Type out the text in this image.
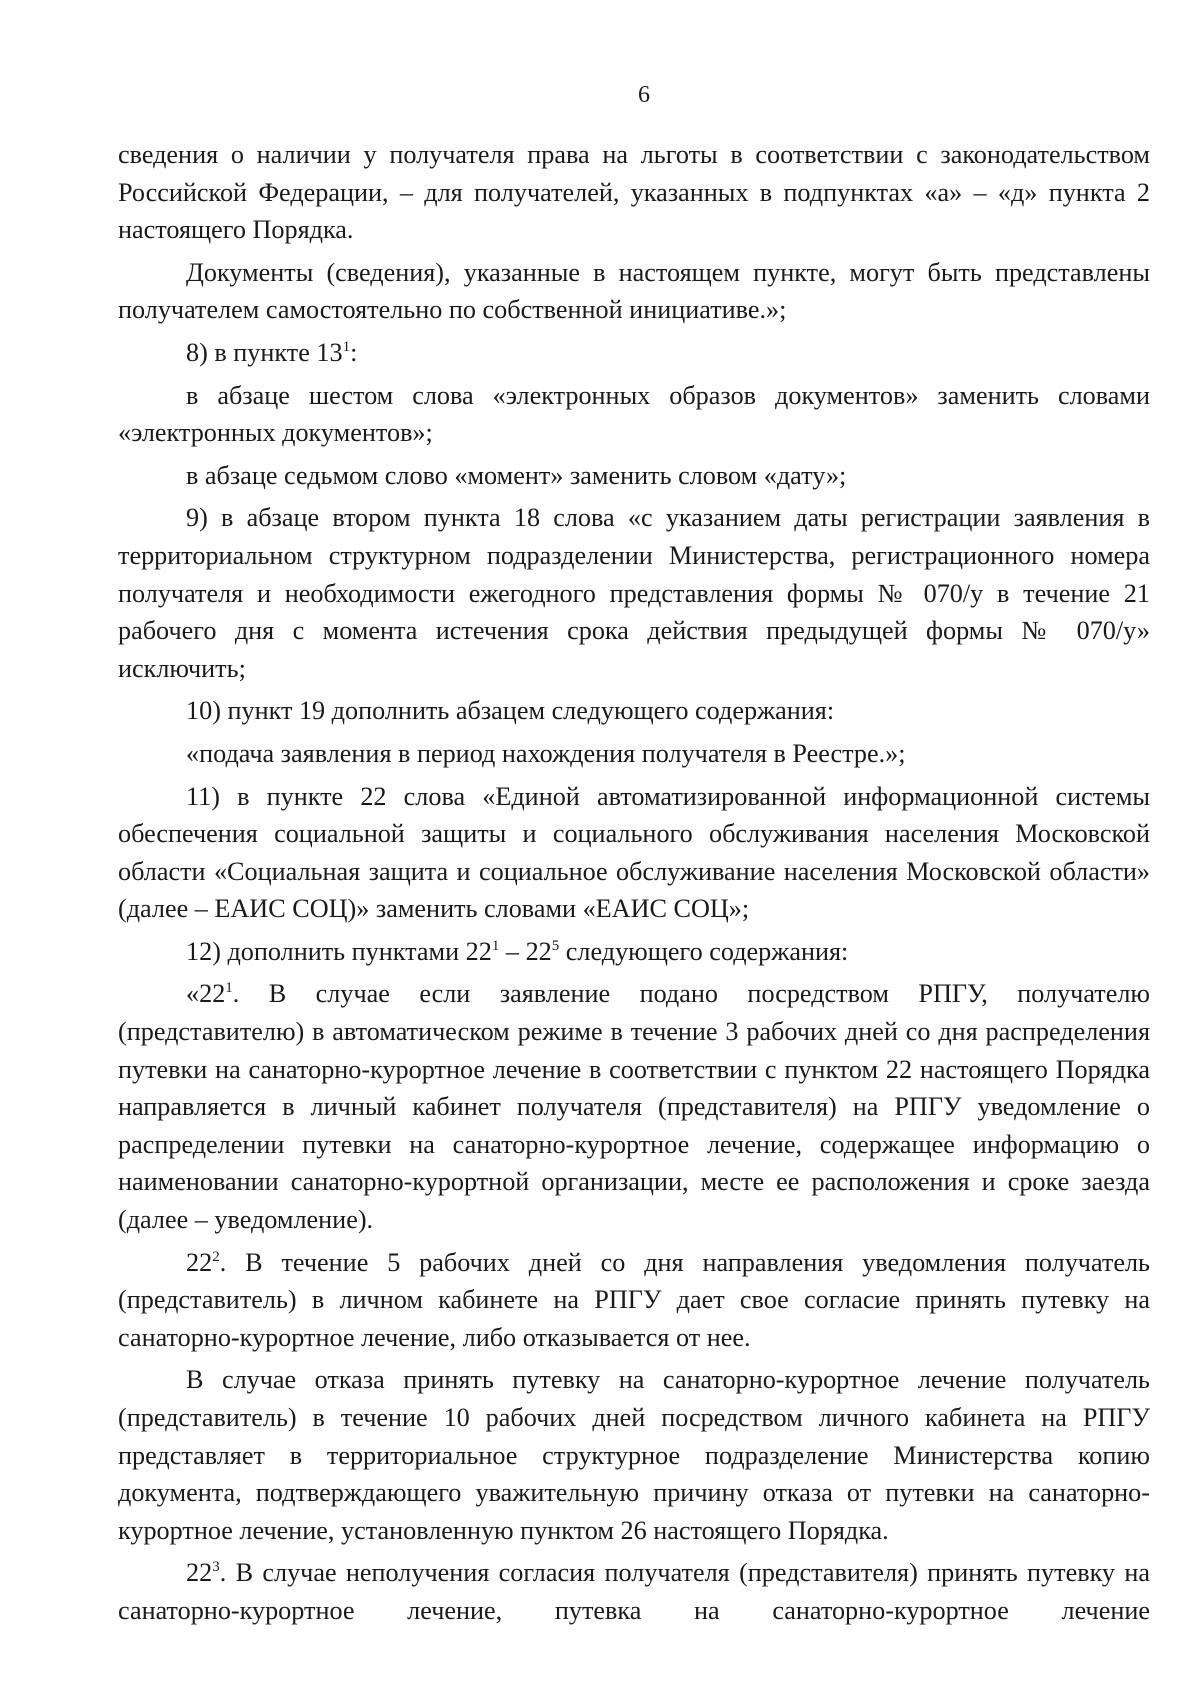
6

сведения о наличии у получателя права на льготы в соответствии с законодательством Российской Федерации, – для получателей, указанных в подпунктах «а» – «д» пункта 2 настоящего Порядка.

Документы (сведения), указанные в настоящем пункте, могут быть представлены получателем самостоятельно по собственной инициативе.»;

8) в пункте $13^1$:

в абзаце шестом слова «электронных образов документов» заменить словами «электронных документов»;

в абзаце седьмом слово «момент» заменить словом «дату»;

9) в абзаце втором пункта 18 слова «с указанием даты регистрации заявления в территориальном структурном подразделении Министерства, регистрационного номера получателя и необходимости ежегодного представления формы № 070/у в течение 21 рабочего дня с момента истечения срока действия предыдущей формы № 070/у» исключить;

10) пункт 19 дополнить абзацем следующего содержания:

«подача заявления в период нахождения получателя в Реестре.»;

11) в пункте 22 слова «Единой автоматизированной информационной системы обеспечения социальной защиты и социального обслуживания населения Московской области «Социальная защита и социальное обслуживание населения Московской области» (далее – ЕАИС СОЦ)» заменить словами «ЕАИС СОЦ»;

12) дополнить пунктами $22^1 - 22^5$ следующего содержания:

«$22^1$. В случае если заявление подано посредством РПГУ, получателю (представителю) в автоматическом режиме в течение 3 рабочих дней со дня распределения путевки на санаторно-курортное лечение в соответствии с пунктом 22 настоящего Порядка направляется в личный кабинет получателя (представителя) на РПГУ уведомление о распределении путевки на санаторно-курортное лечение, содержащее информацию о наименовании санаторно-курортной организации, месте ее расположения и сроке заезда (далее – уведомление).

$22^2$. В течение 5 рабочих дней со дня направления уведомления получатель (представитель) в личном кабинете на РПГУ дает свое согласие принять путевку на санаторно-курортное лечение, либо отказывается от нее.

В случае отказа принять путевку на санаторно-курортное лечение получатель (представитель) в течение 10 рабочих дней посредством личного кабинета на РПГУ представляет в территориальное структурное подразделение Министерства копию документа, подтверждающего уважительную причину отказа от путевки на санаторно-курортное лечение, установленную пунктом 26 настоящего Порядка.

$22^3$. В случае неполучения согласия получателя (представителя) принять путевку на санаторно-курортное лечение, путевка на санаторно-курортное лечение
